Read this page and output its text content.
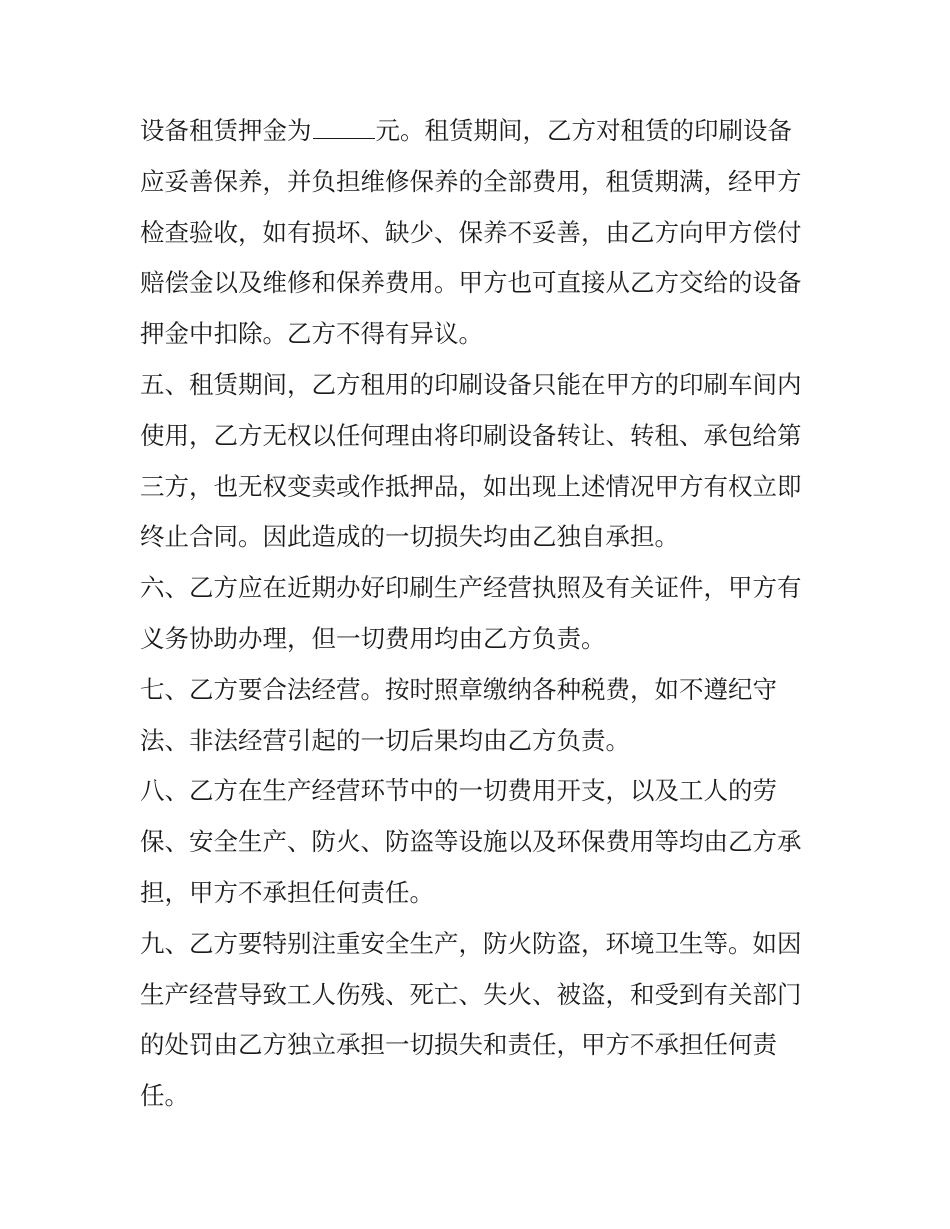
设备租赁押金为	元。租赁期间，乙方对租赁的印刷设备
应妥善保养，并负担维修保养的全部费用，租赁期满，经甲方
检查验收，如有损坏、缺少、保养不妥善，由乙方向甲方偿付
赔偿金以及维修和保养费用。甲方也可直接从乙方交给的设备
押金中扣除。乙方不得有异议。
五、租赁期间，乙方租用的印刷设备只能在甲方的印刷车间内
使用，乙方无权以任何理由将印刷设备转让、转租、承包给第
三方，也无权变卖或作抵押品，如出现上述情况甲方有权立即
终止合同。因此造成的一切损失均由乙独自承担。
六、乙方应在近期办好印刷生产经营执照及有关证件，甲方有
义务协助办理，但一切费用均由乙方负责。
七、乙方要合法经营。按时照章缴纳各种税费，如不遵纪守
法、非法经营引起的一切后果均由乙方负责。
八、乙方在生产经营环节中的一切费用开支，以及工人的劳
保、安全生产、防火、防盗等设施以及环保费用等均由乙方承
担，甲方不承担任何责任。
九、乙方要特别注重安全生产，防火防盗，环境卫生等。如因
生产经营导致工人伤残、死亡、失火、被盗，和受到有关部门
的处罚由乙方独立承担一切损失和责任，甲方不承担任何责
任。
